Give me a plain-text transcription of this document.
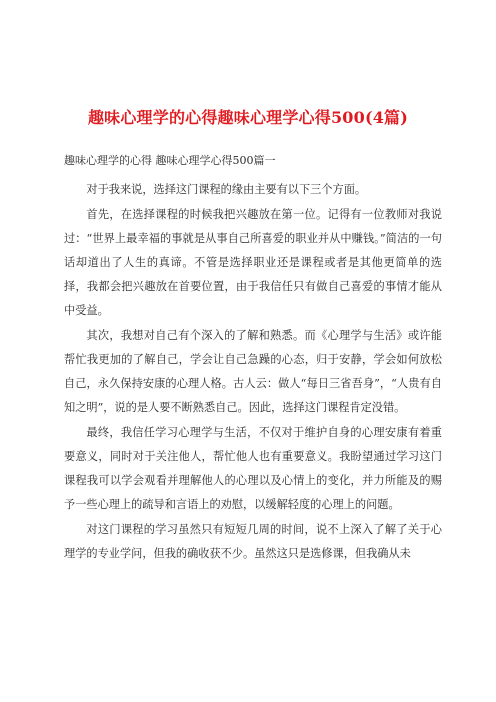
趣味心理学的心得趣味心理学心得500(4篇)
趣味心理学的心得 趣味心理学心得500篇一

对于我来说，选择这门课程的缘由主要有以下三个方面。

首先，在选择课程的时候我把兴趣放在第一位。记得有一位教师对我说过：“世界上最幸福的事就是从事自己所喜爱的职业并从中赚钱。”简洁的一句话却道出了人生的真谛。不管是选择职业还是课程或者是其他更简单的选择，我都会把兴趣放在首要位置，由于我信任只有做自己喜爱的事情才能从中受益。

其次，我想对自己有个深入的了解和熟悉。而《心理学与生活》或许能帮忙我更加的了解自己，学会让自己急躁的心态，归于安静，学会如何放松自己，永久保持安康的心理人格。古人云：做人“每日三省吾身”，“人贵有自知之明”，说的是人要不断熟悉自己。因此，选择这门课程肯定没错。

最终，我信任学习心理学与生活，不仅对于维护自身的心理安康有着重要意义，同时对于关注他人，帮忙他人也有重要意义。我盼望通过学习这门课程我可以学会观看并理解他人的心理以及心情上的变化，并力所能及的赐予一些心理上的疏导和言语上的劝慰，以缓解轻度的心理上的问题。

对这门课程的学习虽然只有短短几周的时间，说不上深入了解了关于心理学的专业学问，但我的确收获不少。虽然这只是选修课，但我确从未
